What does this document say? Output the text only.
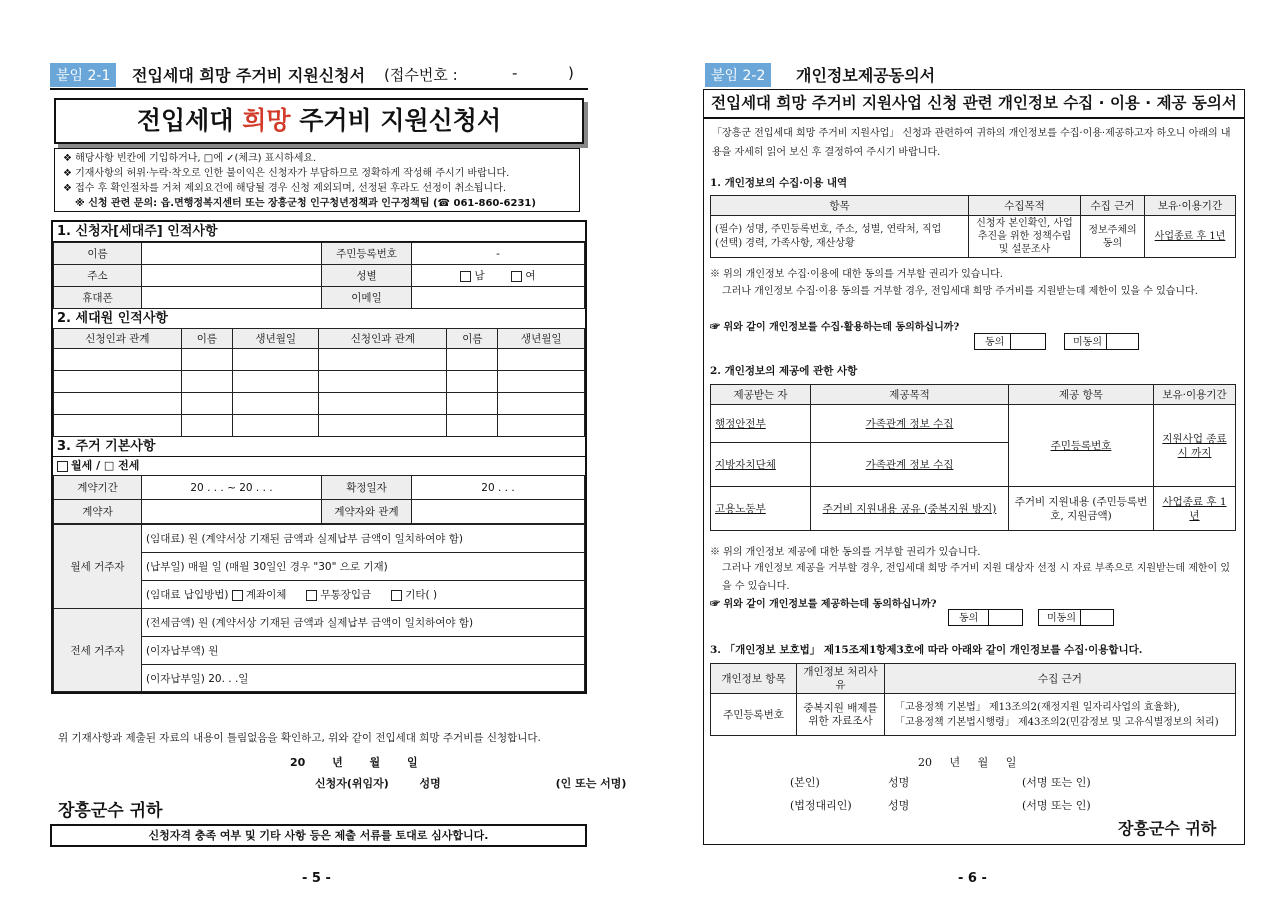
붙임 2-1	전입세대 희망 주거비 지원신청서 (접수번호 :	-	)
전입세대 희망 주거비 지원신청서
❖ 해당사항 빈칸에 기입하거나, □에 ✓(체크) 표시하세요.
❖ 기재사항의 허위·누락·착오로 인한 불이익은 신청자가 부담하므로 정확하게 작성해 주시기 바랍니다.
❖ 접수 후 확인절차를 거쳐 제외요건에 해당될 경우 신청 제외되며, 선정된 후라도 선정이 취소됩니다.
※ 신청 관련 문의: 읍.면행정복지센터 또는 장흥군청 인구청년정책과 인구정책팀 (☎ 061-860-6231)
1. 신청자[세대주] 인적사항
이름		주민등록번호	-
주소		성별	남 여
휴대폰		이메일	
2. 세대원 인적사항
신청인과 관계	이름	생년월일	신청인과 관계	이름	생년월일

3. 주거 기본사항
월세 / □ 전세
계약기간	20 . . . ~ 20 . . .	확정일자	20 . . .
계약자		계약자와 관계	
월세 거주자	(임대료) 원 (계약서상 기재된 금액과 실제납부 금액이 일치하여야 함)
	(납부일) 매월 일 (매월 30일인 경우 "30" 으로 기재)
	(임대료 납입방법) 계좌이체 무통장입금 기타( )
전세 거주자	(전세금액) 원 (계약서상 기재된 금액과 실제납부 금액이 일치하여야 함)
	(이자납부액) 원
	(이자납부일) 20. . .일
위 기재사항과 제출된 자료의 내용이 틀림없음을 확인하고, 위와 같이 전입세대 희망 주거비를 신청합니다.
20       년       월       일
신청자(위임자)        성명                              (인 또는 서명)
장흥군수 귀하
신청자격 충족 여부 및 기타 사항 등은 제출 서류를 토대로 심사합니다.
- 5 -
붙임 2-2	개인정보제공동의서
전입세대 희망 주거비 지원사업 신청 관련 개인정보 수집 · 이용 · 제공 동의서
「장흥군 전입세대 희망 주거비 지원사업」 신청과 관련하여 귀하의 개인정보를 수집·이용·제공하고자 하오니 아래의 내용을 자세히 읽어 보신 후 결정하여 주시기 바랍니다.
1. 개인정보의 수집·이용 내역
항목	수집목적	수집 근거	보유·이용기간

(필수) 성명, 주민등록번호, 주소, 성별, 연락처, 직업
(선택) 경력, 가족사항, 재산상황	신청자 본인확인, 사업 추진을 위한 정책수립 및 설문조사	정보주체의 동의	사업종료 후 1년
※ 위의 개인정보 수집·이용에 대한 동의를 거부할 권리가 있습니다.
그러나 개인정보 수집·이용 동의를 거부할 경우, 전입세대 희망 주거비를 지원받는데 제한이 있을 수 있습니다.
☞ 위와 같이 개인정보를 수집·활용하는데 동의하십니까?
동의	미동의
2. 개인정보의 제공에 관한 사항
제공받는 자	제공목적	제공 항목	보유·이용기간
행정안전부	가족관계 정보 수집	주민등록번호	지원사업 종료시 까지
지방자치단체	가족관계 정보 수집		
고용노동부	주거비 지원내용 공유 (중복지원 방지)	주거비 지원내용 (주민등록번호, 지원금액)	사업종료 후 1년
※ 위의 개인정보 제공에 대한 동의를 거부할 권리가 있습니다.
그러나 개인정보 제공을 거부할 경우, 전입세대 희망 주거비 지원 대상자 선정 시 자료 부족으로 지원받는데 제한이 있을 수 있습니다.
☞ 위와 같이 개인정보를 제공하는데 동의하십니까?
동의	미동의
3. 「개인정보 보호법」 제15조제1항제3호에 따라 아래와 같이 개인정보를 수집·이용합니다.
개인정보 항목	개인정보 처리사유	수집 근거
주민등록번호	중복지원 배제를 위한 자료조사	「고용정책 기본법」 제13조의2(재정지원 일자리사업의 효율화),
「고용정책 기본법시행령」 제43조의2(민감정보 및 고유식별정보의 처리)
20     년     월     일
(본인)	성명	(서명 또는 인)
(법정대리인)	성명	(서명 또는 인)
장흥군수 귀하
- 6 -
